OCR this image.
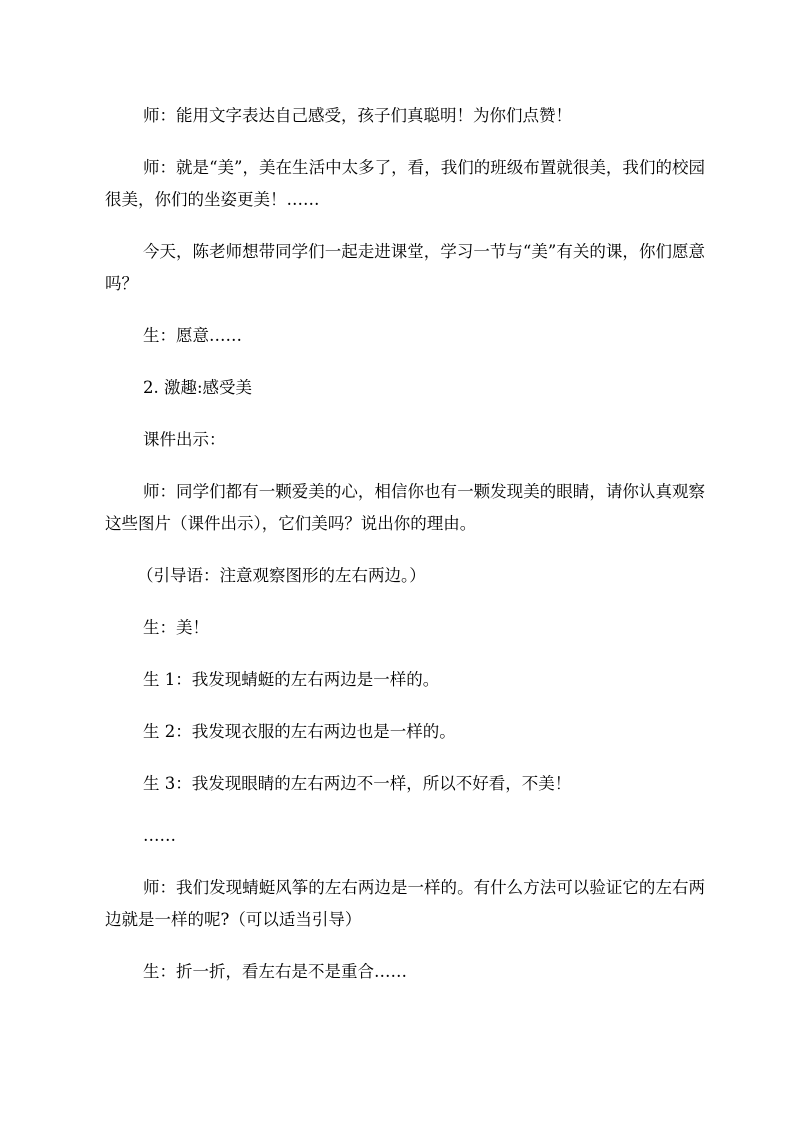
师：能用文字表达自己感受，孩子们真聪明！为你们点赞！

师：就是“美”，美在生活中太多了，看，我们的班级布置就很美，我们的校园很美，你们的坐姿更美！……

今天，陈老师想带同学们一起走进课堂，学习一节与“美”有关的课，你们愿意吗？

生：愿意……

2. 激趣:感受美

课件出示：

师：同学们都有一颗爱美的心，相信你也有一颗发现美的眼睛，请你认真观察这些图片（课件出示），它们美吗？说出你的理由。

（引导语：注意观察图形的左右两边。）

生：美！

生 1：我发现蜻蜓的左右两边是一样的。

生 2：我发现衣服的左右两边也是一样的。

生 3：我发现眼睛的左右两边不一样，所以不好看，不美！

……

师：我们发现蜻蜓风筝的左右两边是一样的。有什么方法可以验证它的左右两边就是一样的呢?（可以适当引导）

生：折一折，看左右是不是重合……
